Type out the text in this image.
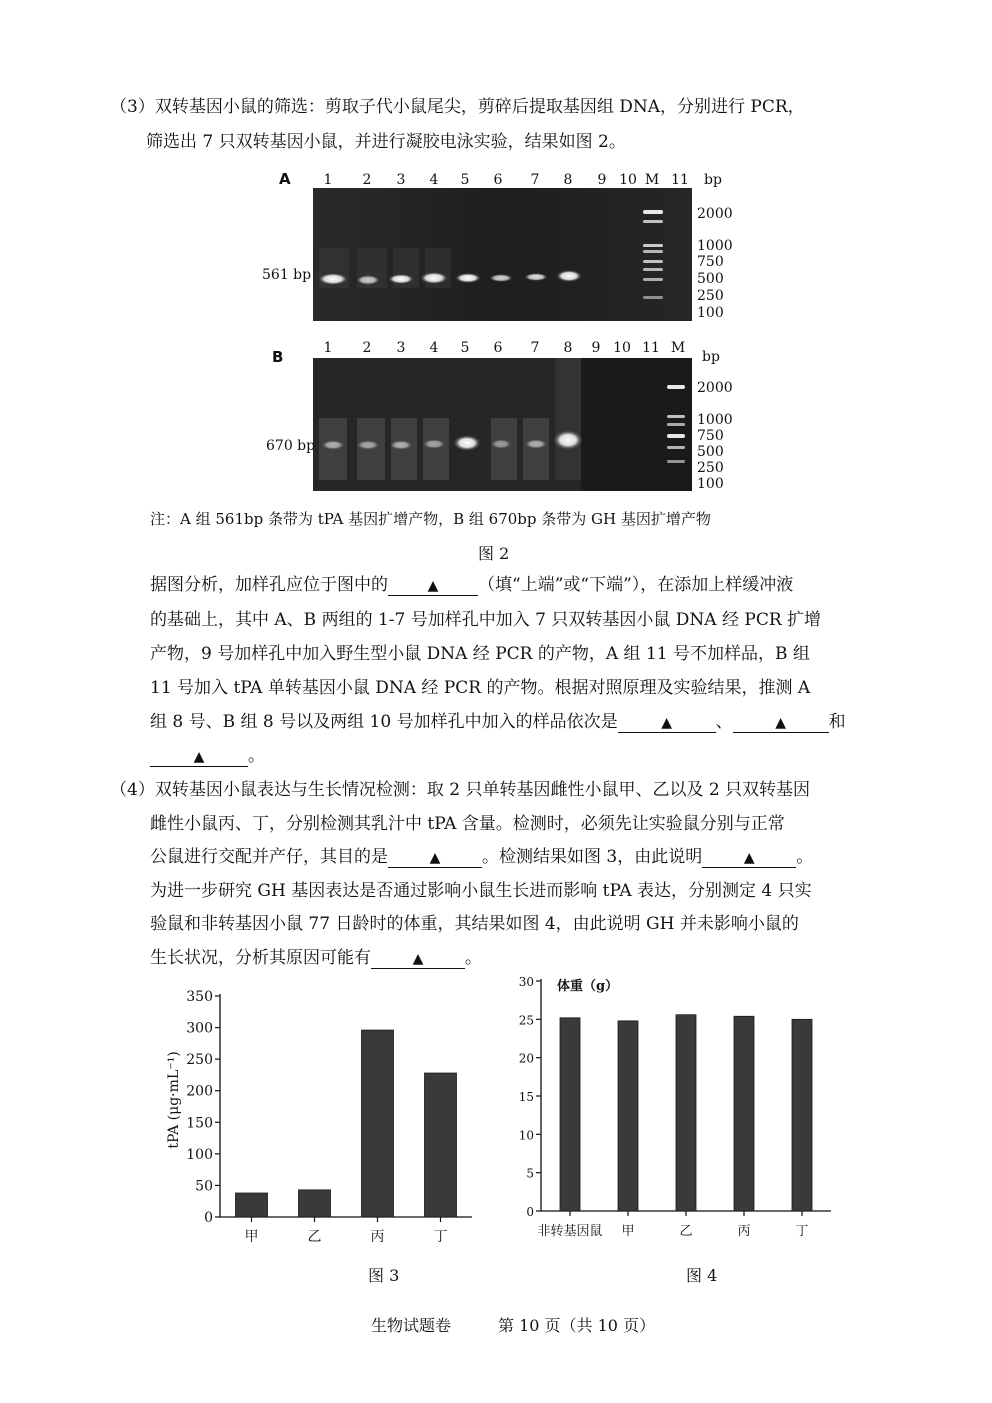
（3）双转基因小鼠的筛选：剪取子代小鼠尾尖，剪碎后提取基因组 DNA，分别进行 PCR，
筛选出 7 只双转基因小鼠，并进行凝胶电泳实验，结果如图 2。
A	1	2	3	4	5	6	7	8	9 10 M 11 bp
561 bp
2000
1000
750
500
250
100
B	1	2	3	4	5	6	7	8	9 10 11 M
bp
670 bp
2000
1000
750
500
250
100
注：A 组 561bp 条带为 tPA 基因扩增产物，B 组 670bp 条带为 GH 基因扩增产物
图 2
据图分析，加样孔应位于图中的	▲ （填“上端”或“下端”），在添加上样缓冲液
的基础上，其中 A、B 两组的 1-7 号加样孔中加入 7 只双转基因小鼠 DNA 经 PCR 扩增
产物，9 号加样孔中加入野生型小鼠 DNA 经 PCR 的产物，A 组 11 号不加样品，B 组
11 号加入 tPA 单转基因小鼠 DNA 经 PCR 的产物。根据对照原理及实验结果，推测 A
组 8 号、B 组 8 号以及两组 10 号加样孔中加入的样品依次是	▲	、	▲	和
▲	。
（4）双转基因小鼠表达与生长情况检测：取 2 只单转基因雌性小鼠甲、乙以及 2 只双转基因
雌性小鼠丙、丁，分别检测其乳汁中 tPA 含量。检测时，必须先让实验鼠分别与正常
公鼠进行交配并产仔，其目的是	▲ 。检测结果如图 3，由此说明	▲ 。
为进一步研究 GH 基因表达是否通过影响小鼠生长进而影响 tPA 表达，分别测定 4 只实
验鼠和非转基因小鼠 77 日龄时的体重，其结果如图 4，由此说明 GH 并未影响小鼠的
生长状况，分析其原因可能有	▲ 。
0
50
100
150
200
250
300
350
甲	乙	丙	丁
tPA (μg·mL⁻¹)
图 3
0
5
10
15
20
25
30
非转基因鼠 甲	乙	丙	丁
体重（g）
图 4
生物试题卷	第 10 页（共 10 页）
